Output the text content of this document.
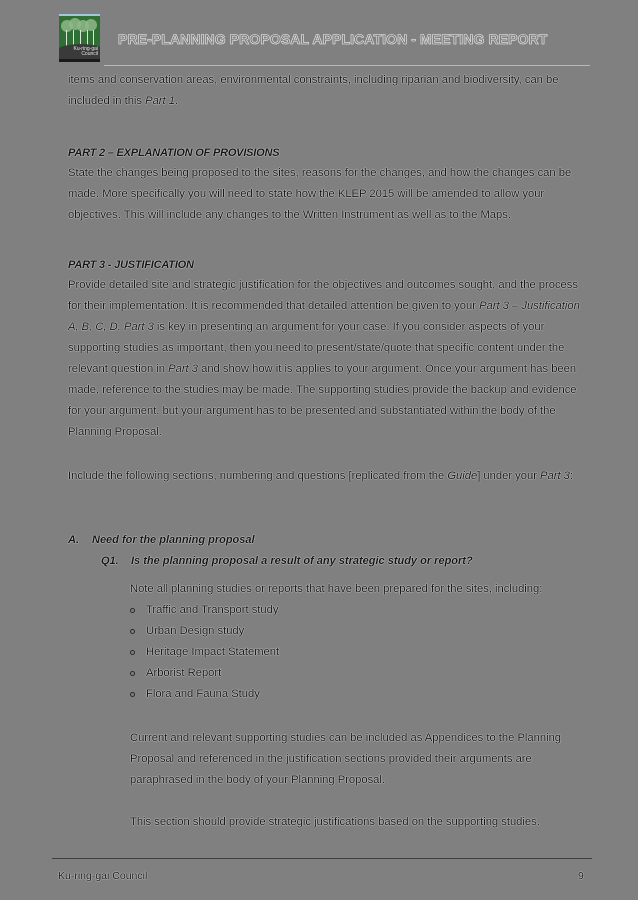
Ku-ring-gai
Council
PRE-PLANNING PROPOSAL APPLICATION - MEETING REPORT
items and conservation areas, environmental constraints, including riparian and biodiversity, can be included in this Part 1.
PART 2 – EXPLANATION OF PROVISIONS
State the changes being proposed to the sites, reasons for the changes, and how the changes can be made. More specifically you will need to state how the KLEP 2015 will be amended to allow your objectives. This will include any changes to the Written Instrument as well as to the Maps.
PART 3 - JUSTIFICATION
Provide detailed site and strategic justification for the objectives and outcomes sought, and the process for their implementation. It is recommended that detailed attention be given to your Part 3 – Justification A, B, C, D. Part 3 is key in presenting an argument for your case. If you consider aspects of your supporting studies as important, then you need to present/state/quote that specific content under the relevant question in Part 3 and show how it is applies to your argument. Once your argument has been made, reference to the studies may be made. The supporting studies provide the backup and evidence for your argument, but your argument has to be presented and substantiated within the body of the Planning Proposal.
Include the following sections, numbering and questions [replicated from the Guide] under your Part 3:
A. Need for the planning proposal
Q1. Is the planning proposal a result of any strategic study or report?
Note all planning studies or reports that have been prepared for the sites, including:
Traffic and Transport study
Urban Design study
Heritage Impact Statement
Arborist Report
Flora and Fauna Study
Current and relevant supporting studies can be included as Appendices to the Planning Proposal and referenced in the justification sections provided their arguments are paraphrased in the body of your Planning Proposal.
This section should provide strategic justifications based on the supporting studies.
Ku-ring-gai Council	9
